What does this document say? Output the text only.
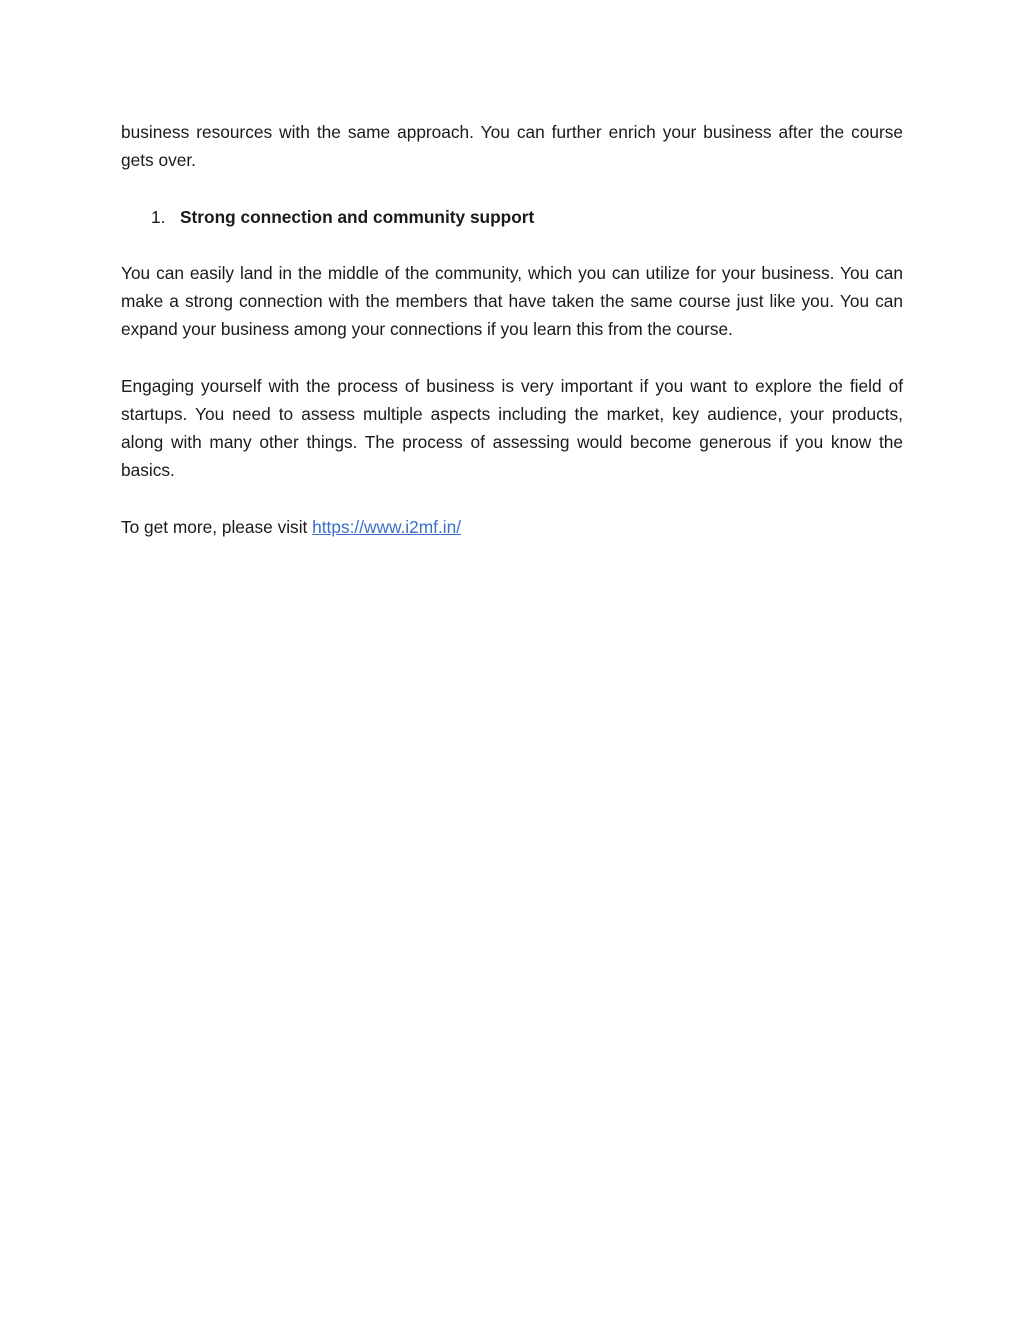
business resources with the same approach. You can further enrich your business after the course gets over.

1. Strong connection and community support

You can easily land in the middle of the community, which you can utilize for your business. You can make a strong connection with the members that have taken the same course just like you. You can expand your business among your connections if you learn this from the course.

Engaging yourself with the process of business is very important if you want to explore the field of startups. You need to assess multiple aspects including the market, key audience, your products, along with many other things. The process of assessing would become generous if you know the basics.

To get more, please visit https://www.i2mf.in/
